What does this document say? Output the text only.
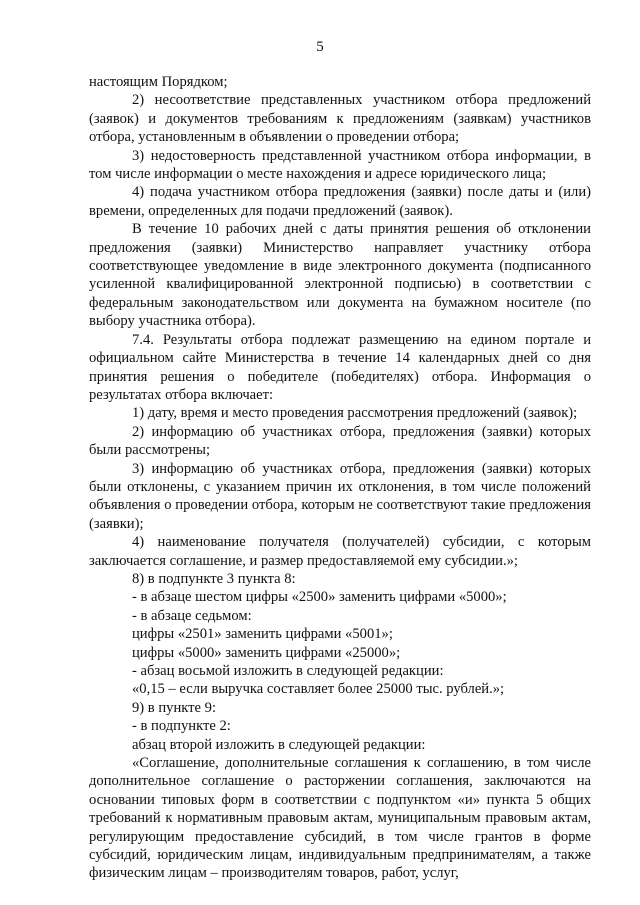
5

настоящим Порядком;

2) несоответствие представленных участником отбора предложений (заявок) и документов требованиям к предложениям (заявкам) участников отбора, установленным в объявлении о проведении отбора;

3) недостоверность представленной участником отбора информации, в том числе информации о месте нахождения и адресе юридического лица;

4) подача участником отбора предложения (заявки) после даты и (или) времени, определенных для подачи предложений (заявок).

В течение 10 рабочих дней с даты принятия решения об отклонении предложения (заявки) Министерство направляет участнику отбора соответствующее уведомление в виде электронного документа (подписанного усиленной квалифицированной электронной подписью) в соответствии с федеральным законодательством или документа на бумажном носителе (по выбору участника отбора).

7.4. Результаты отбора подлежат размещению на едином портале и официальном сайте Министерства в течение 14 календарных дней со дня принятия решения о победителе (победителях) отбора. Информация о результатах отбора включает:

1) дату, время и место проведения рассмотрения предложений (заявок);

2) информацию об участниках отбора, предложения (заявки) которых были рассмотрены;

3) информацию об участниках отбора, предложения (заявки) которых были отклонены, с указанием причин их отклонения, в том числе положений объявления о проведении отбора, которым не соответствуют такие предложения (заявки);

4) наименование получателя (получателей) субсидии, с которым заключается соглашение, и размер предоставляемой ему субсидии.»;

8) в подпункте 3 пункта 8:

- в абзаце шестом цифры «2500» заменить цифрами «5000»;

- в абзаце седьмом:

цифры «2501» заменить цифрами «5001»;

цифры «5000» заменить цифрами «25000»;

- абзац восьмой изложить в следующей редакции:

«0,15 – если выручка составляет более 25000 тыс. рублей.»;

9) в пункте 9:

- в подпункте 2:

абзац второй изложить в следующей редакции:

«Соглашение, дополнительные соглашения к соглашению, в том числе дополнительное соглашение о расторжении соглашения, заключаются на основании типовых форм в соответствии с подпунктом «и» пункта 5 общих требований к нормативным правовым актам, муниципальным правовым актам, регулирующим предоставление субсидий, в том числе грантов в форме субсидий, юридическим лицам, индивидуальным предпринимателям, а также физическим лицам – производителям товаров, работ, услуг,
